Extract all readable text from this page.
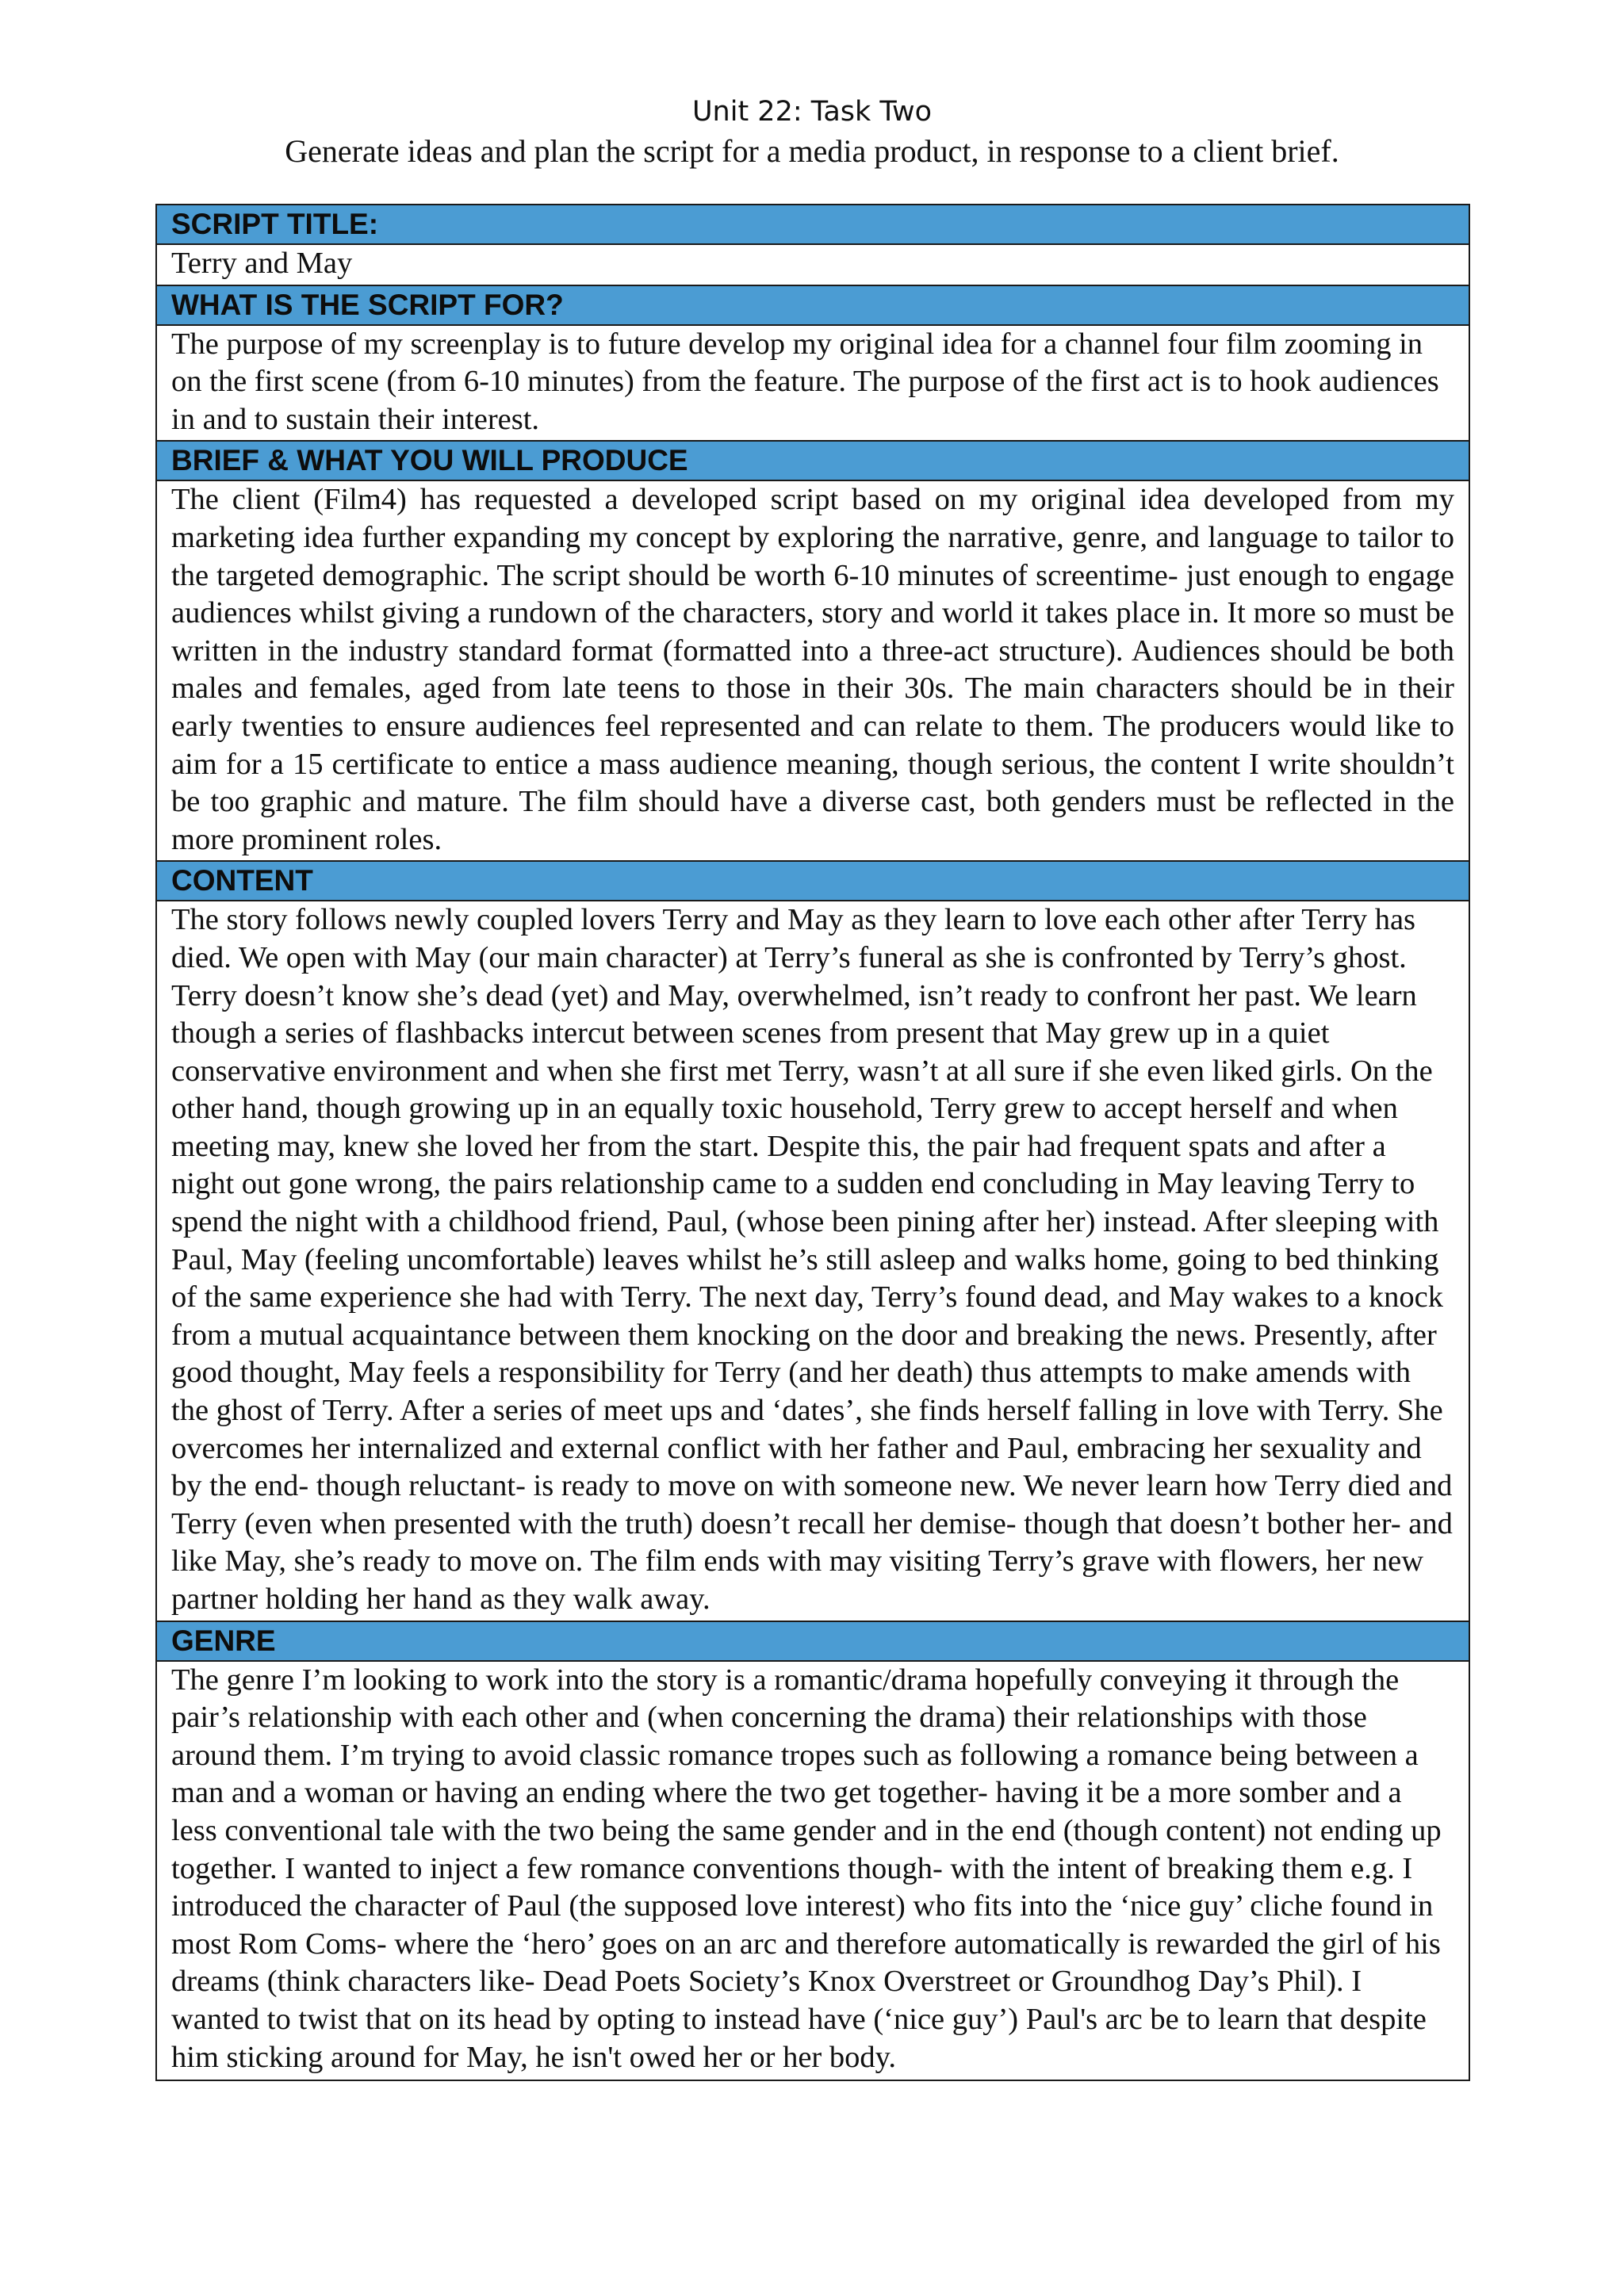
Unit 22: Task Two
Generate ideas and plan the script for a media product, in response to a client brief.
SCRIPT TITLE:
Terry and May
WHAT IS THE SCRIPT FOR?
The purpose of my screenplay is to future develop my original idea for a channel four film zooming in on the first scene (from 6-10 minutes) from the feature. The purpose of the first act is to hook audiences in and to sustain their interest.
BRIEF & WHAT YOU WILL PRODUCE
The client (Film4) has requested a developed script based on my original idea developed from my marketing idea further expanding my concept by exploring the narrative, genre, and language to tailor to the targeted demographic. The script should be worth 6-10 minutes of screentime- just enough to engage audiences whilst giving a rundown of the characters, story and world it takes place in. It more so must be written in the industry standard format (formatted into a three-act structure). Audiences should be both males and females, aged from late teens to those in their 30s. The main characters should be in their early twenties to ensure audiences feel represented and can relate to them. The producers would like to aim for a 15 certificate to entice a mass audience meaning, though serious, the content I write shouldn’t be too graphic and mature. The film should have a diverse cast, both genders must be reflected in the more prominent roles.
CONTENT
The story follows newly coupled lovers Terry and May as they learn to love each other after Terry has died. We open with May (our main character) at Terry’s funeral as she is confronted by Terry’s ghost. Terry doesn’t know she’s dead (yet) and May, overwhelmed, isn’t ready to confront her past. We learn though a series of flashbacks intercut between scenes from present that May grew up in a quiet conservative environment and when she first met Terry, wasn’t at all sure if she even liked girls. On the other hand, though growing up in an equally toxic household, Terry grew to accept herself and when meeting may, knew she loved her from the start. Despite this, the pair had frequent spats and after a night out gone wrong, the pairs relationship came to a sudden end concluding in May leaving Terry to spend the night with a childhood friend, Paul, (whose been pining after her) instead. After sleeping with Paul, May (feeling uncomfortable) leaves whilst he’s still asleep and walks home, going to bed thinking of the same experience she had with Terry. The next day, Terry’s found dead, and May wakes to a knock from a mutual acquaintance between them knocking on the door and breaking the news. Presently, after good thought, May feels a responsibility for Terry (and her death) thus attempts to make amends with the ghost of Terry. After a series of meet ups and ‘dates’, she finds herself falling in love with Terry. She overcomes her internalized and external conflict with her father and Paul, embracing her sexuality and by the end- though reluctant- is ready to move on with someone new. We never learn how Terry died and Terry (even when presented with the truth) doesn’t recall her demise- though that doesn’t bother her- and like May, she’s ready to move on. The film ends with may visiting Terry’s grave with flowers, her new partner holding her hand as they walk away.
GENRE
The genre I’m looking to work into the story is a romantic/drama hopefully conveying it through the pair’s relationship with each other and (when concerning the drama) their relationships with those around them. I’m trying to avoid classic romance tropes such as following a romance being between a man and a woman or having an ending where the two get together- having it be a more somber and a less conventional tale with the two being the same gender and in the end (though content) not ending up together. I wanted to inject a few romance conventions though- with the intent of breaking them e.g. I introduced the character of Paul (the supposed love interest) who fits into the ‘nice guy’ cliche found in most Rom Coms- where the ‘hero’ goes on an arc and therefore automatically is rewarded the girl of his dreams (think characters like- Dead Poets Society’s Knox Overstreet or Groundhog Day’s Phil). I wanted to twist that on its head by opting to instead have (‘nice guy’) Paul's arc be to learn that despite him sticking around for May, he isn't owed her or her body.
